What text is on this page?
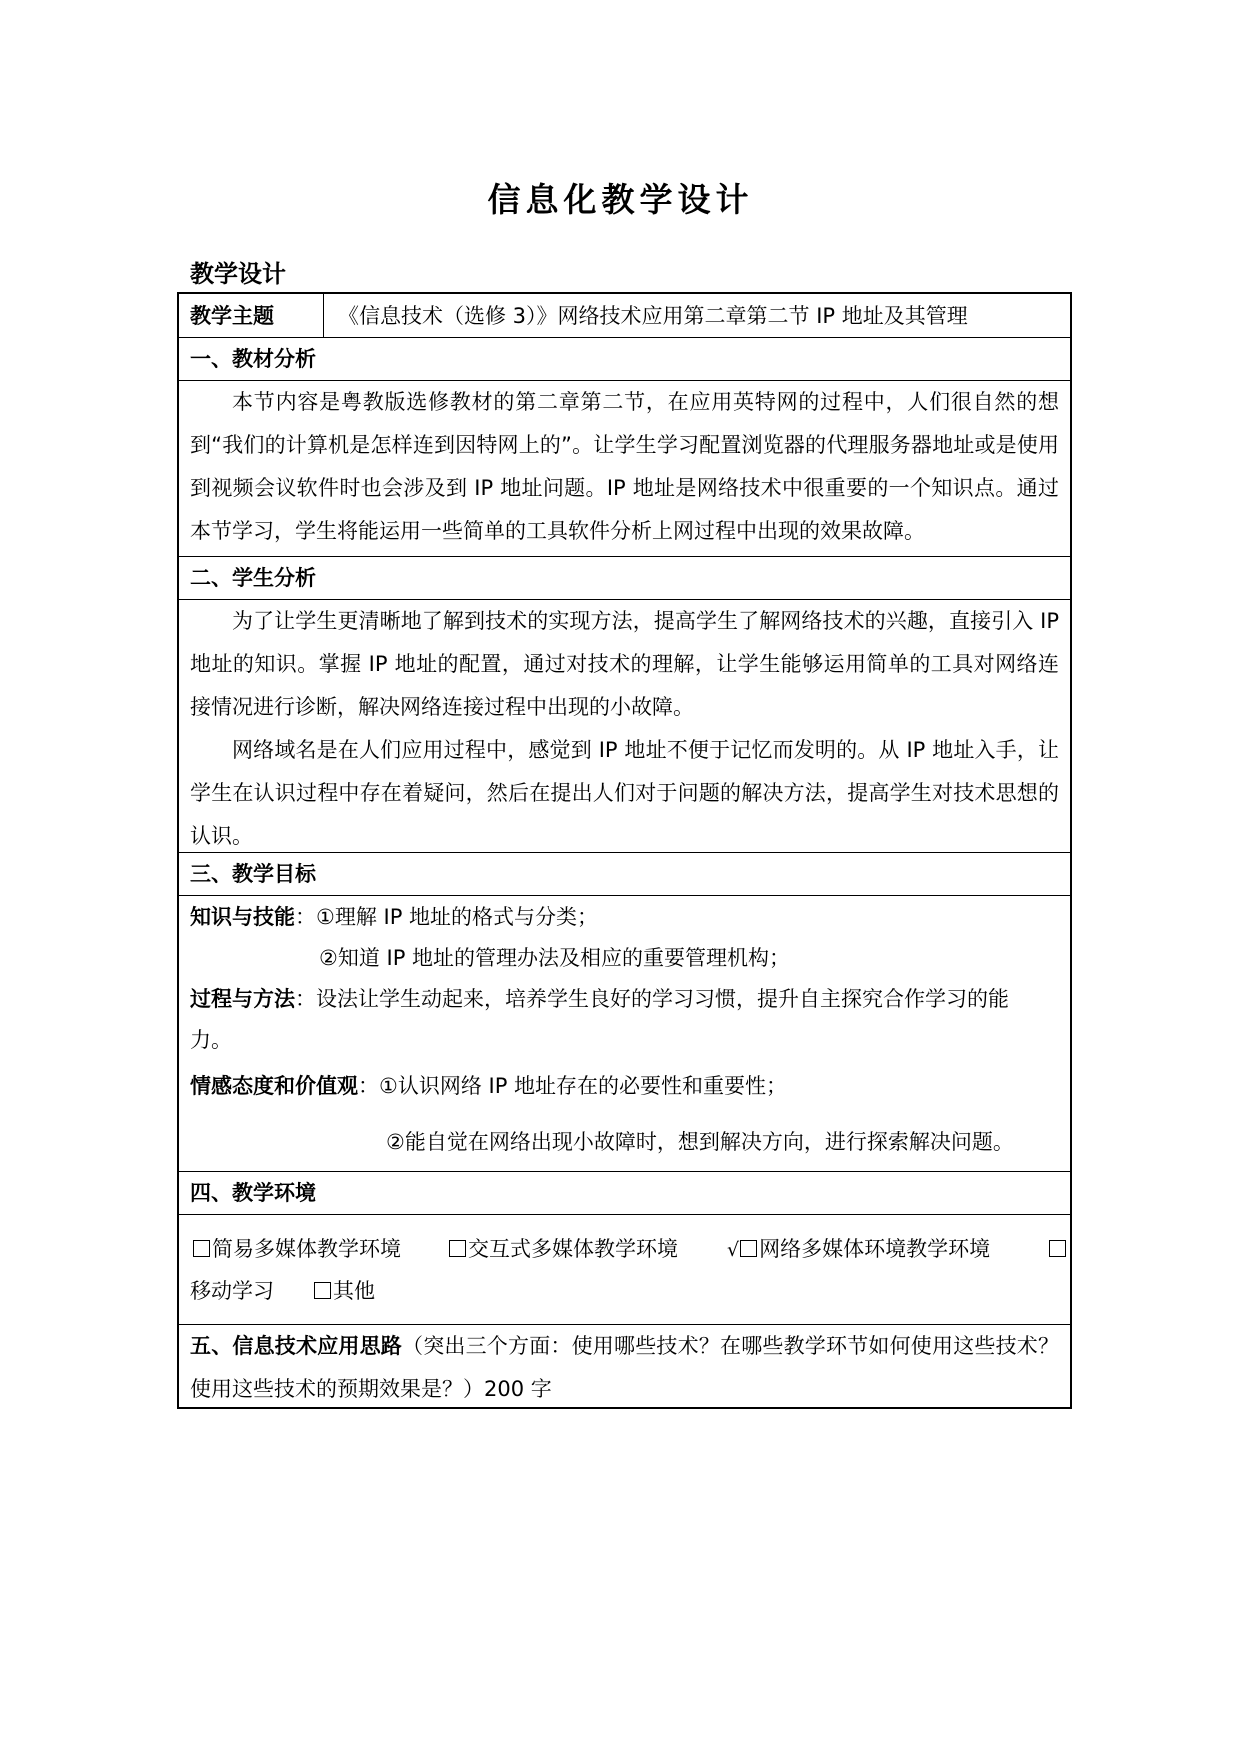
信息化教学设计
教学设计
教学主题	《信息技术（选修 3）》网络技术应用第二章第二节 IP 地址及其管理
一、教材分析

本节内容是粤教版选修教材的第二章第二节，在应用英特网的过程中，人们很自然的想到“我们的计算机是怎样连到因特网上的”。让学生学习配置浏览器的代理服务器地址或是使用到视频会议软件时也会涉及到 IP 地址问题。IP 地址是网络技术中很重要的一个知识点。通过本节学习，学生将能运用一些简单的工具软件分析上网过程中出现的效果故障。

二、学生分析

为了让学生更清晰地了解到技术的实现方法，提高学生了解网络技术的兴趣，直接引入 IP 地址的知识。掌握 IP 地址的配置，通过对技术的理解，让学生能够运用简单的工具对网络连接情况进行诊断，解决网络连接过程中出现的小故障。

网络域名是在人们应用过程中，感觉到 IP 地址不便于记忆而发明的。从 IP 地址入手，让学生在认识过程中存在着疑问，然后在提出人们对于问题的解决方法，提高学生对技术思想的认识。

三、教学目标
知识与技能：①理解 IP 地址的格式与分类；
②知道 IP 地址的管理办法及相应的重要管理机构；
过程与方法：设法让学生动起来，培养学生良好的学习习惯，提升自主探究合作学习的能
力。
情感态度和价值观：①认识网络 IP 地址存在的必要性和重要性；
②能自觉在网络出现小故障时，想到解决方向，进行探索解决问题。
四、教学环境
简易多媒体教学环境	交互式多媒体教学环境	√ 网络多媒体环境教学环境
移动学习	其他
五、信息技术应用思路（突出三个方面：使用哪些技术？在哪些教学环节如何使用这些技术？使用这些技术的预期效果是？）200 字
